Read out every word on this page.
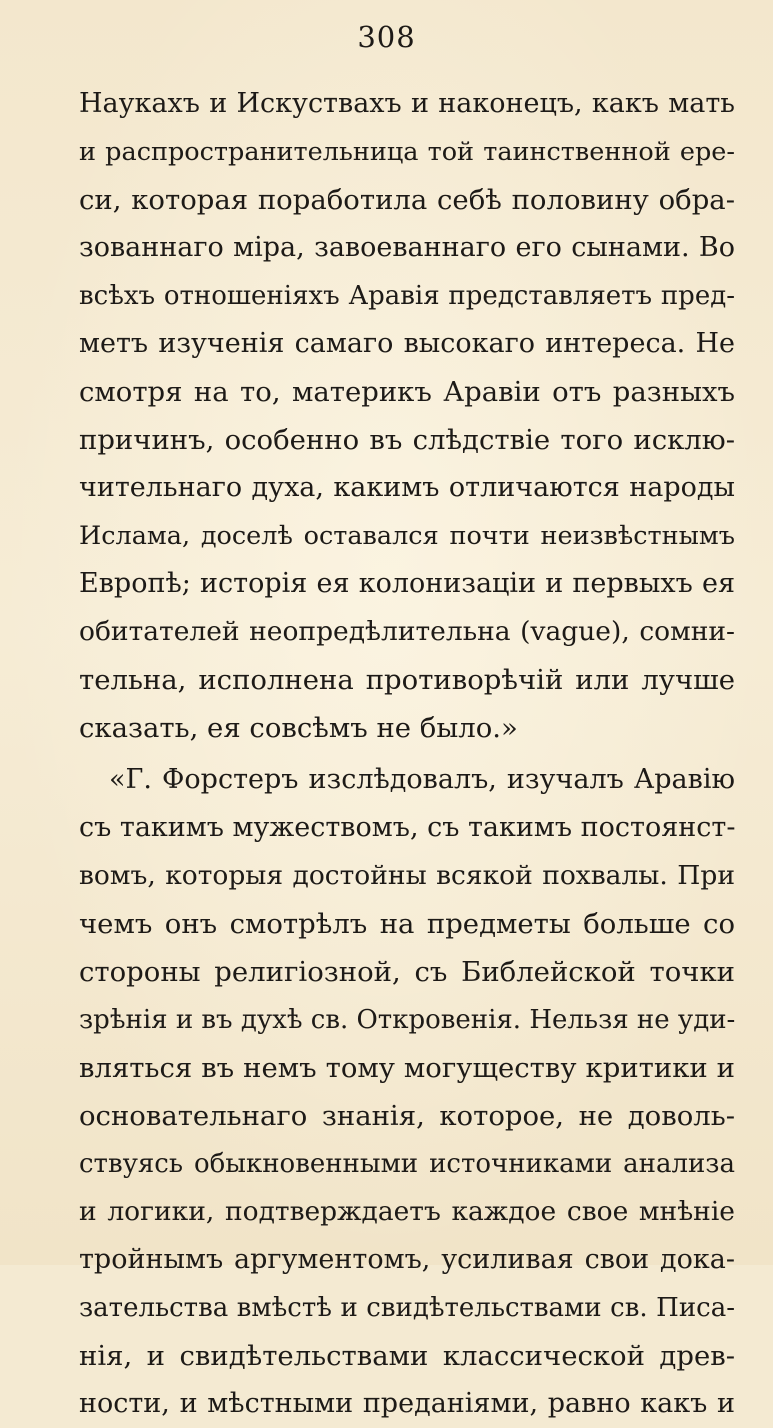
308
Наукахъ и Искуствахъ и наконецъ, какъ мать
и распространительница той таинственной ере-
си, которая поработила себѣ половину обра-
зованнаго міра, завоеваннаго его сынами. Во
всѣхъ отношеніяхъ Аравія представляетъ пред-
метъ изученія самаго высокаго интереса. Не
смотря на то, материкъ Аравіи отъ разныхъ
причинъ, особенно въ слѣдствіе того исклю-
чительнаго духа, какимъ отличаются народы
Ислама, доселѣ оставался почти неизвѣстнымъ
Европѣ; исторія ея колонизаціи и первыхъ ея
обитателей неопредѣлительна (vague), сомни-
тельна, исполнена противорѣчій или лучше
сказать, ея совсѣмъ не было.»
«Г. Форстеръ изслѣдовалъ, изучалъ Аравію
съ такимъ мужествомъ, съ такимъ постоянст-
вомъ, которыя достойны всякой похвалы. При
чемъ онъ смотрѣлъ на предметы больше со
стороны религіозной, съ Библейской точки
зрѣнія и въ духѣ св. Откровенія. Нельзя не уди-
вляться въ немъ тому могуществу критики и
основательнаго знанія, которое, не доволь-
ствуясь обыкновенными источниками анализа
и логики, подтверждаетъ каждое свое мнѣніе
тройнымъ аргументомъ, усиливая свои дока-
зательства вмѣстѣ и свидѣтельствами св. Писа-
нія, и свидѣтельствами классической древ-
ности, и мѣстными преданіями, равно какъ и
